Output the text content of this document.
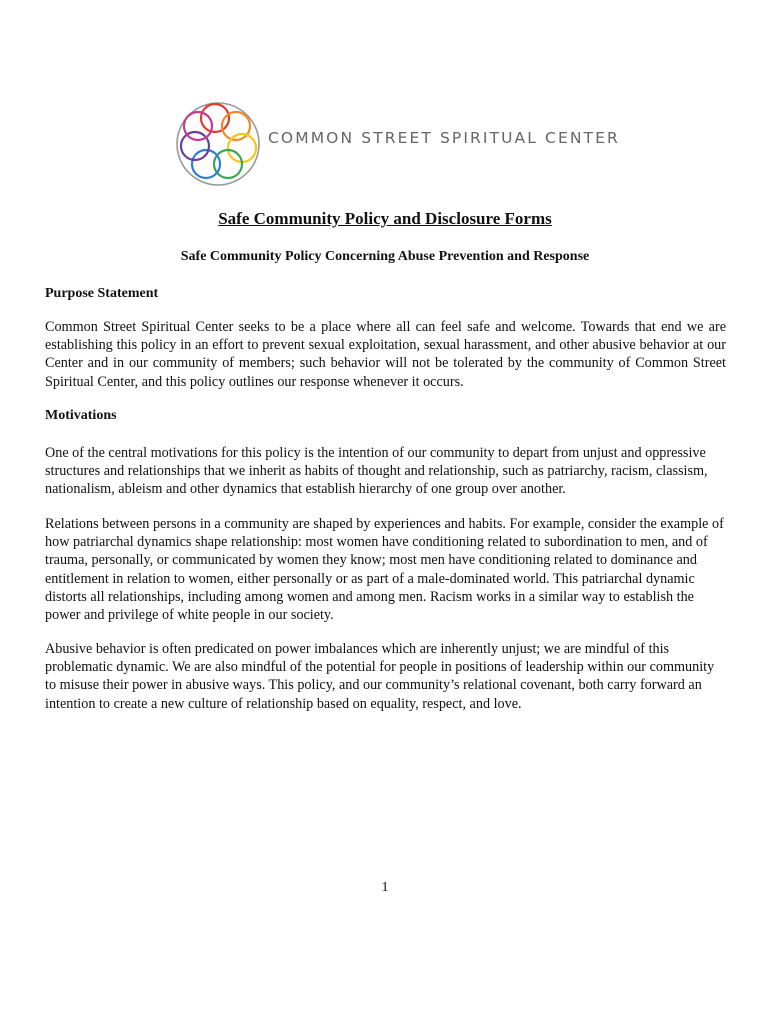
COMMON STREET SPIRITUAL CENTER
Safe Community Policy and Disclosure Forms
Safe Community Policy Concerning Abuse Prevention and Response
Purpose Statement

Common Street Spiritual Center seeks to be a place where all can feel safe and welcome. Towards that end we are establishing this policy in an effort to prevent sexual exploitation, sexual harassment, and other abusive behavior at our Center and in our community of members; such behavior will not be tolerated by the community of Common Street Spiritual Center, and this policy outlines our response whenever it occurs.

Motivations

One of the central motivations for this policy is the intention of our community to depart from unjust and oppressive structures and relationships that we inherit as habits of thought and relationship, such as patriarchy, racism, classism, nationalism, ableism and other dynamics that establish hierarchy of one group over another.

Relations between persons in a community are shaped by experiences and habits. For example, consider the example of how patriarchal dynamics shape relationship: most women have conditioning related to subordination to men, and of trauma, personally, or communicated by women they know; most men have conditioning related to dominance and entitlement in relation to women, either personally or as part of a male-dominated world. This patriarchal dynamic distorts all relationships, including among women and among men. Racism works in a similar way to establish the power and privilege of white people in our society.

Abusive behavior is often predicated on power imbalances which are inherently unjust; we are mindful of this problematic dynamic. We are also mindful of the potential for people in positions of leadership within our community to misuse their power in abusive ways. This policy, and our community’s relational covenant, both carry forward an intention to create a new culture of relationship based on equality, respect, and love.

1
